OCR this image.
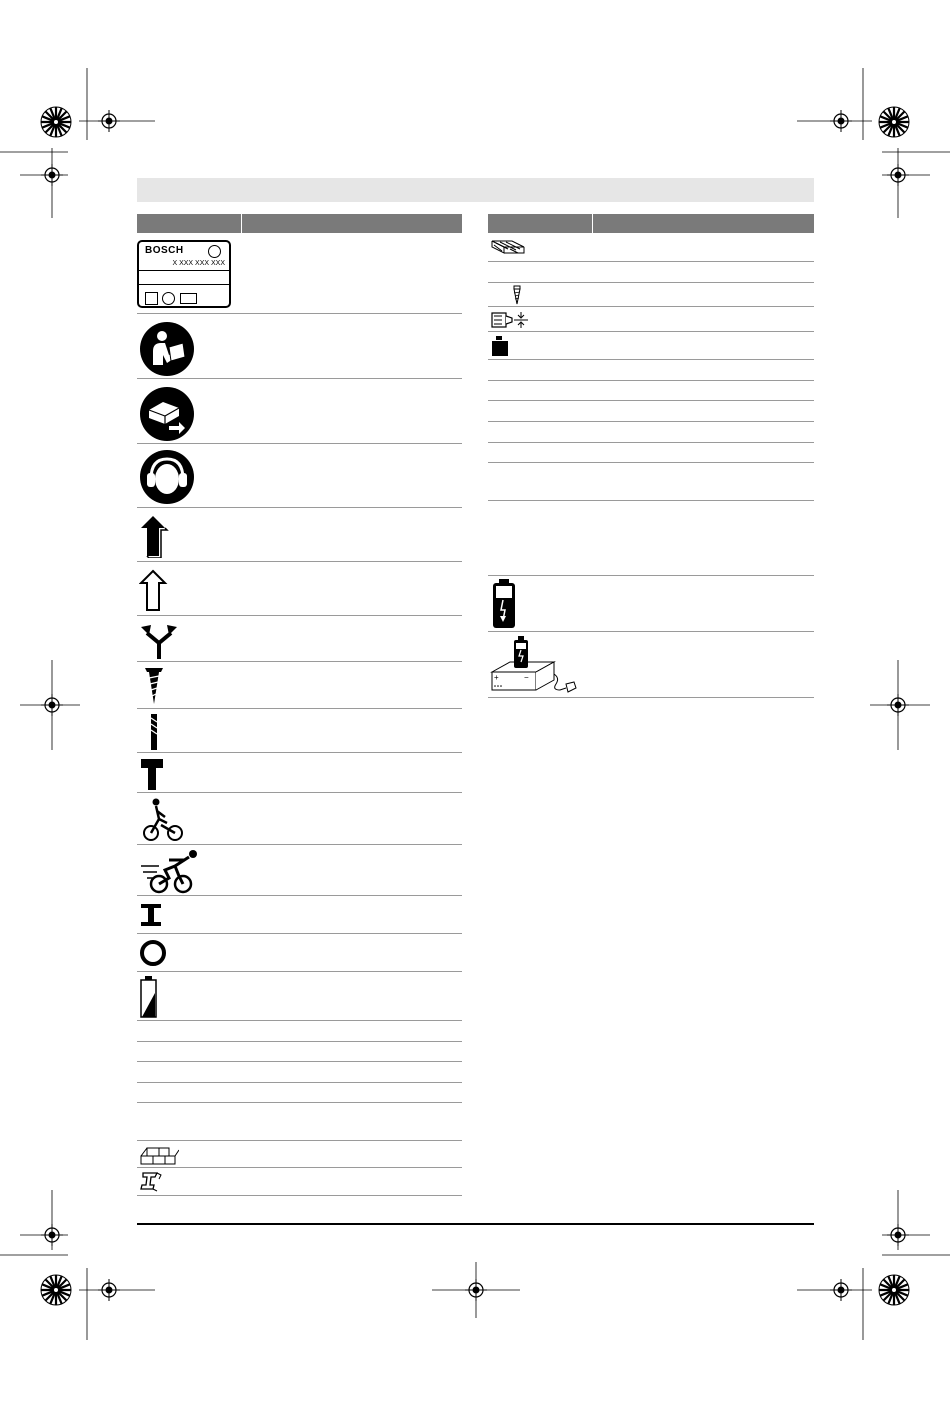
BOSCH
X XXX XXX XXX
+	−
